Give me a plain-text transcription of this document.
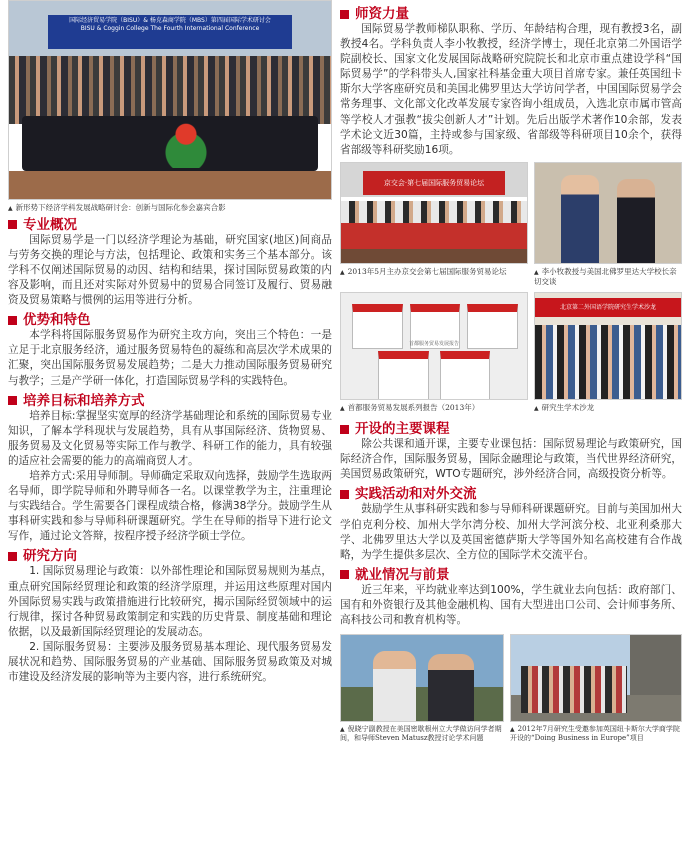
国际经济贸易学院（BISU）& 杨克森商学院（MBS）第四届国际学术研讨会
BISU & Coggin College The Fourth International Conference
▲ 新形势下经济学科发展战略研讨会：创新与国际化参会嘉宾合影
专业概况

国际贸易学是一门以经济学理论为基础，研究国家(地区)间商品与劳务交换的理论与方法，包括理论、政策和实务三个基本部分。该学科不仅阐述国际贸易的动因、结构和结果，探讨国际贸易政策的内容及影响，而且还对实际对外贸易中的贸易合同签订及履行、贸易融资及贸易策略与惯例的运用等进行分析。

优势和特色

本学科将国际服务贸易作为研究主攻方向，突出三个特色：一是立足于北京服务经济，通过服务贸易特色的凝练和高层次学术成果的汇聚，突出国际服务贸易发展趋势；二是大力推动国际服务贸易研究与教学；三是产学研一体化，打造国际贸易学科的实践特色。

培养目标和培养方式

培养目标:掌握坚实宽厚的经济学基础理论和系统的国际贸易专业知识，了解本学科现状与发展趋势，具有从事国际经济、货物贸易、服务贸易及文化贸易等实际工作与教学、科研工作的能力，具有较强的适应社会需要的能力的高端商贸人才。

培养方式:采用导师制。导师确定采取双向选择，鼓励学生选取两名导师，即学院导师和外聘导师各一名。以课堂教学为主，注重理论与实践结合。学生需要各门课程成绩合格，修满38学分。鼓励学生从事科研实践和参与导师科研课题研究。学生在导师的指导下进行论文写作，通过论文答辩，按程序授予经济学硕士学位。

研究方向

1. 国际贸易理论与政策：以外部性理论和国际贸易规则为基点，重点研究国际经贸理论和政策的经济学原理，并运用这些原理对国内外国际贸易实践与政策措施进行比较研究，揭示国际经贸领域中的运行规律，探讨各种贸易政策制定和实践的历史背景、制度基础和理论依据，以及最新国际经贸理论的发展动态。

2. 国际服务贸易：主要涉及服务贸易基本理论、现代服务贸易发展状况和趋势、国际服务贸易的产业基础、国际服务贸易政策及对城市建设及经济发展的影响等为主要内容，进行系统研究。

师资力量

国际贸易学教师梯队职称、学历、年龄结构合理，现有教授3名，副教授4名。学科负责人李小牧教授，经济学博士，现任北京第二外国语学院副校长、国家文化发展国际战略研究院院长和北京市重点建设学科“国际贸易学”的学科带头人,国家社科基金重大项目首席专家。兼任英国纽卡斯尔大学客座研究员和美国北佛罗里达大学访问学者，中国国际贸易学会常务理事、文化部文化改革发展专家咨询小组成员，入选北京市属市管高等学校人才强教“拔尖创新人才”计划。先后出版学术著作10余部，发表学术论文近30篇，主持或参与国家级、省部级等科研项目10余个，获得省部级等科研奖励16项。

京交会·第七届国际服务贸易论坛
▲ 2013年5月主办京交会第七届国际服务贸易论坛	▲ 李小牧教授与美国北佛罗里达大学校长亲切交谈
首都服务贸易发展报告
▲ 首都服务贸易发展系列报告（2013年）
北京第二外国语学院研究生学术沙龙
▲ 研究生学术沙龙
开设的主要课程

除公共课和通开课，主要专业课包括：国际贸易理论与政策研究，国际经济合作，国际服务贸易，国际金融理论与政策，当代世界经济研究，美国贸易政策研究，WTO专题研究，涉外经济合同，高级投资分析等。

实践活动和对外交流

鼓励学生从事科研实践和参与导师科研课题研究。目前与美国加州大学伯克利分校、加州大学尔湾分校、加州大学河滨分校、北亚利桑那大学、北佛罗里达大学以及英国密德萨斯大学等国外知名高校建有合作战略，为学生提供多层次、全方位的国际学术交流平台。

就业情况与前景

近三年来，平均就业率达到100%，学生就业去向包括：政府部门、国有和外资银行及其他金融机构、国有大型进出口公司、会计师事务所、高科技公司和教育机构等。

▲ 倪晓宁副教授在美国密歇根州立大学做访问学者期间，和导师Steven Matusz教授讨论学术问题
▲ 2012年7月研究生受邀参加英国纽卡斯尔大学商学院开设的“Doing Business in Europe”项目
